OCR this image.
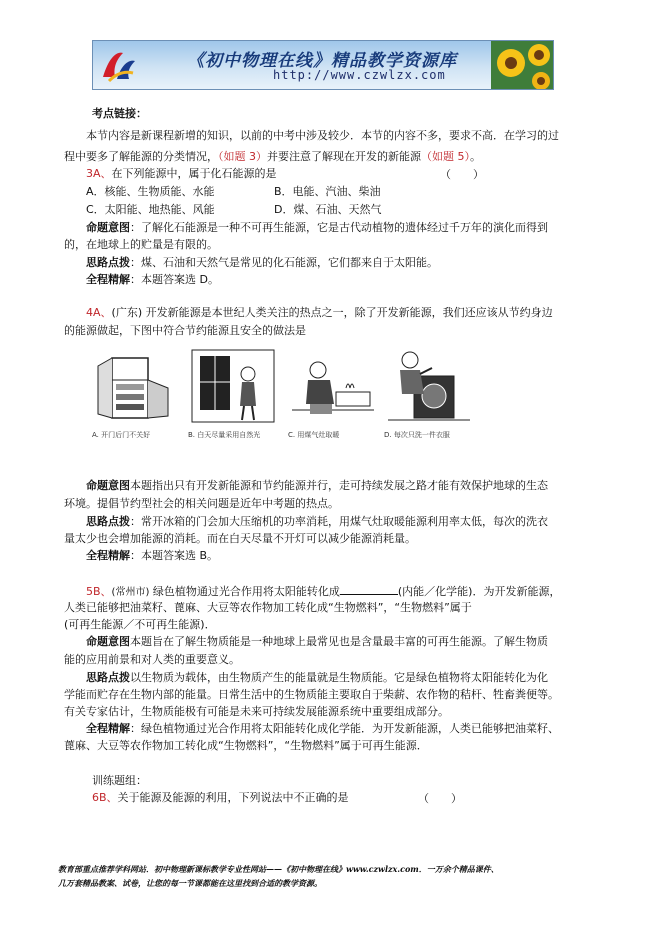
《初中物理在线》精品教学资源库
http://www.czwlzx.com
考点链接：
本节内容是新课程新增的知识，以前的中考中涉及较少．本节的内容不多，要求不高．在学习的过
程中要多了解能源的分类情况，（如题 3）并要注意了解现在开发的新能源（如题 5）。
3A、在下列能源中，属于化石能源的是	（　　）
A．核能、生物质能、水能	B．电能、汽油、柴油
C．太阳能、地热能、风能	D．煤、石油、天然气
命题意图：了解化石能源是一种不可再生能源，它是古代动植物的遗体经过千万年的演化而得到
的，在地球上的贮量是有限的。
思路点拨：煤、石油和天然气是常见的化石能源，它们都来自于太阳能。
全程精解：本题答案选 D。
4A、(广东) 开发新能源是本世纪人类关注的热点之一，除了开发新能源，我们还应该从节约身边
的能源做起，下图中符合节约能源且安全的做法是
A. 开门后门不关好	B. 白天尽量采用自然光	C. 用煤气灶取暖	D. 每次只洗一件衣服
命题意图本题指出只有开发新能源和节约能源并行，走可持续发展之路才能有效保护地球的生态
环境。提倡节约型社会的相关问题是近年中考题的热点。
思路点拨：常开冰箱的门会加大压缩机的功率消耗，用煤气灶取暖能源利用率太低，每次的洗衣
量太少也会增加能源的消耗。而在白天尽量不开灯可以减少能源消耗量。
全程精解：本题答案选 B。
5B、(常州市) 绿色植物通过光合作用将太阳能转化成	(内能／化学能)．为开发新能源，
人类已能够把油菜籽、蓖麻、大豆等农作物加工转化成“生物燃料”，“生物燃料”属于
(可再生能源／不可再生能源)．
命题意图本题旨在了解生物质能是一种地球上最常见也是含量最丰富的可再生能源。了解生物质
能的应用前景和对人类的重要意义。
思路点拨以生物质为载体，由生物质产生的能量就是生物质能。它是绿色植物将太阳能转化为化
学能而贮存在生物内部的能量。日常生活中的生物质能主要取自于柴薪、农作物的秸杆、牲畜粪便等。
有关专家估计，生物质能极有可能是未来可持续发展能源系统中重要组成部分。
全程精解：绿色植物通过光合作用将太阳能转化成化学能．为开发新能源，人类已能够把油菜籽、
蓖麻、大豆等农作物加工转化成“生物燃料”，“生物燃料”属于可再生能源．
训练题组：
6B、关于能源及能源的利用，下列说法中不正确的是	（　　）
教育部重点推荐学科网站．初中物理新课标教学专业性网站——《初中物理在线》www.czwlzx.com．一万余个精品课件、
几万套精品教案、试卷，让您的每一节课都能在这里找到合适的教学资源。
